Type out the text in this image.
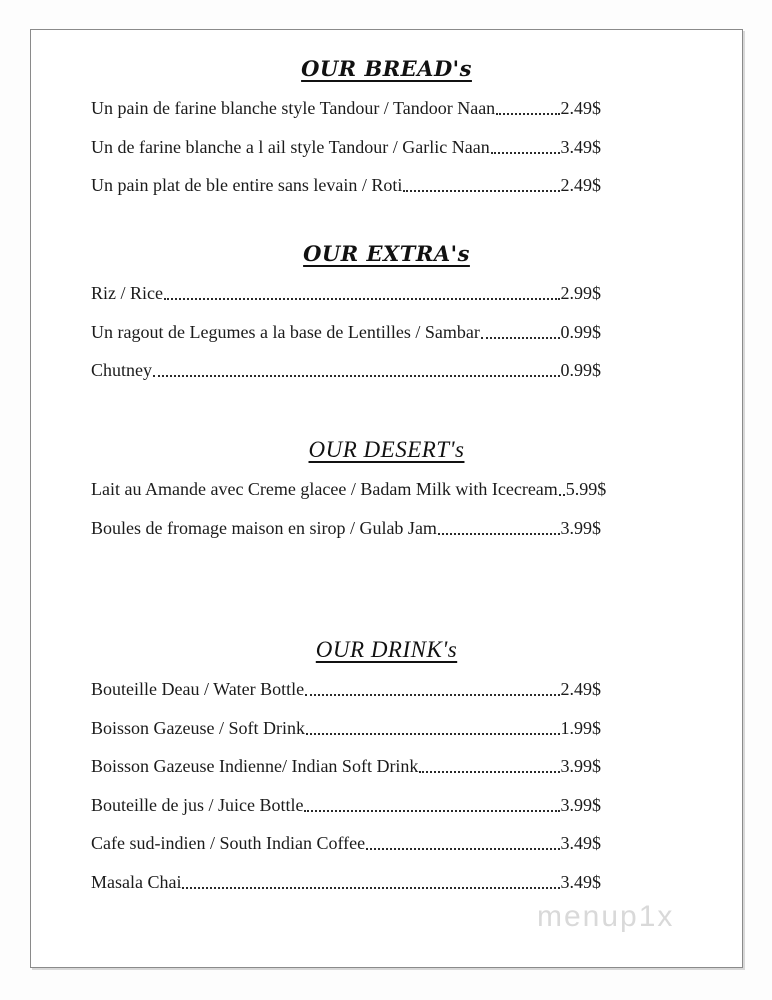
OUR BREAD's
Un pain de farine blanche style Tandour / Tandoor Naan	2.49$
Un de farine blanche a l ail style Tandour / Garlic Naan	3.49$
Un pain plat de ble entire sans levain / Roti	2.49$
OUR EXTRA's
Riz / Rice	2.99$
Un ragout de Legumes a la base de Lentilles / Sambar	0.99$
Chutney	0.99$
OUR DESERT's
Lait au Amande avec Creme glacee / Badam Milk with Icecream 5.99$
Boules de fromage maison en sirop / Gulab Jam	3.99$
OUR DRINK's
Bouteille Deau / Water Bottle	2.49$
Boisson Gazeuse / Soft Drink	1.99$
Boisson Gazeuse Indienne/ Indian Soft Drink	3.99$
Bouteille de jus / Juice Bottle	3.99$
Cafe sud-indien / South Indian Coffee	3.49$
Masala Chai	3.49$
menup1x
